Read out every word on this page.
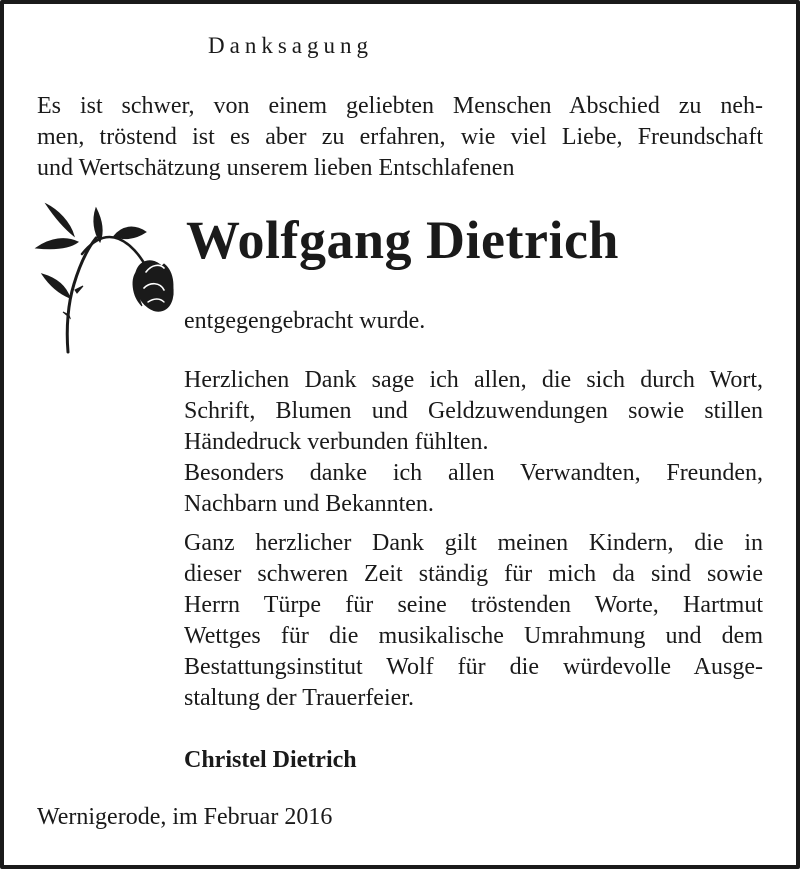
Danksagung
Es ist schwer, von einem geliebten Menschen Abschied zu neh-
men, tröstend ist es aber zu erfahren, wie viel Liebe, Freundschaft
und Wertschätzung unserem lieben Entschlafenen
Wolfgang Dietrich
entgegengebracht wurde.
Herzlichen Dank sage ich allen, die sich durch Wort,
Schrift, Blumen und Geldzuwendungen sowie stillen
Händedruck verbunden fühlten.
Besonders danke ich allen Verwandten, Freunden,
Nachbarn und Bekannten.
Ganz herzlicher Dank gilt meinen Kindern, die in
dieser schweren Zeit ständig für mich da sind sowie
Herrn Türpe für seine tröstenden Worte, Hartmut
Wettges für die musikalische Umrahmung und dem
Bestattungsinstitut Wolf für die würdevolle Ausge-
staltung der Trauerfeier.
Christel Dietrich
Wernigerode, im Februar 2016
